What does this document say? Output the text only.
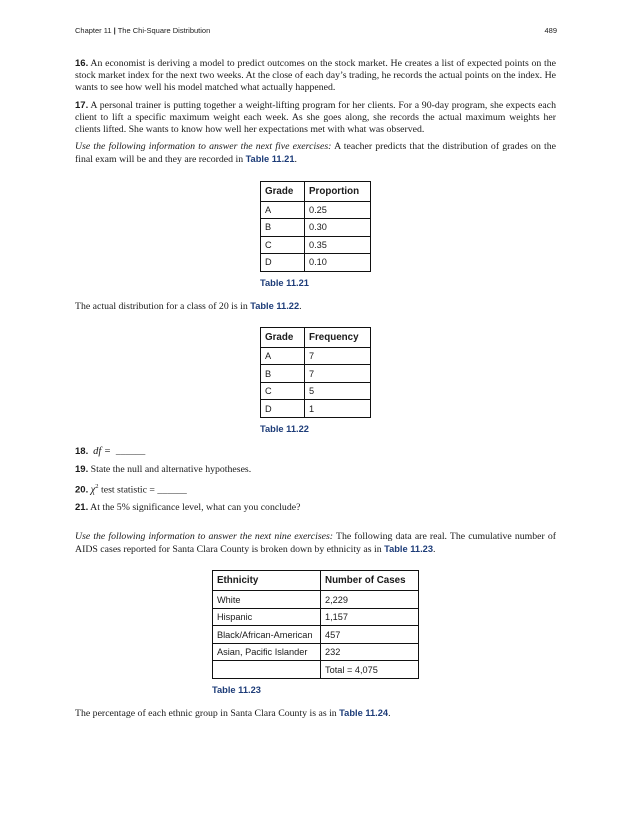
Chapter 11 | The Chi-Square Distribution	489

16. An economist is deriving a model to predict outcomes on the stock market. He creates a list of expected points on the stock market index for the next two weeks. At the close of each day’s trading, he records the actual points on the index. He wants to see how well his model matched what actually happened.

17. A personal trainer is putting together a weight-lifting program for her clients. For a 90-day program, she expects each client to lift a specific maximum weight each week. As she goes along, she records the actual maximum weights her clients lifted. She wants to know how well her expectations met with what was observed.

Use the following information to answer the next five exercises: A teacher predicts that the distribution of grades on the final exam will be and they are recorded in Table 11.21.

Grade	Proportion
A	0.25
B	0.30
C	0.35
D	0.10
Table 11.21

The actual distribution for a class of 20 is in Table 11.22.

Grade	Frequency
A	7
B	7
C	5
D	1
Table 11.22

18. df = ______

19. State the null and alternative hypotheses.

20. $\chi^2$ test statistic = ______

21. At the 5% significance level, what can you conclude?

Use the following information to answer the next nine exercises: The following data are real. The cumulative number of AIDS cases reported for Santa Clara County is broken down by ethnicity as in Table 11.23.

Ethnicity	Number of Cases
White	2,229
Hispanic	1,157
Black/African-American	457
Asian, Pacific Islander	232
	Total = 4,075
Table 11.23

The percentage of each ethnic group in Santa Clara County is as in Table 11.24.
